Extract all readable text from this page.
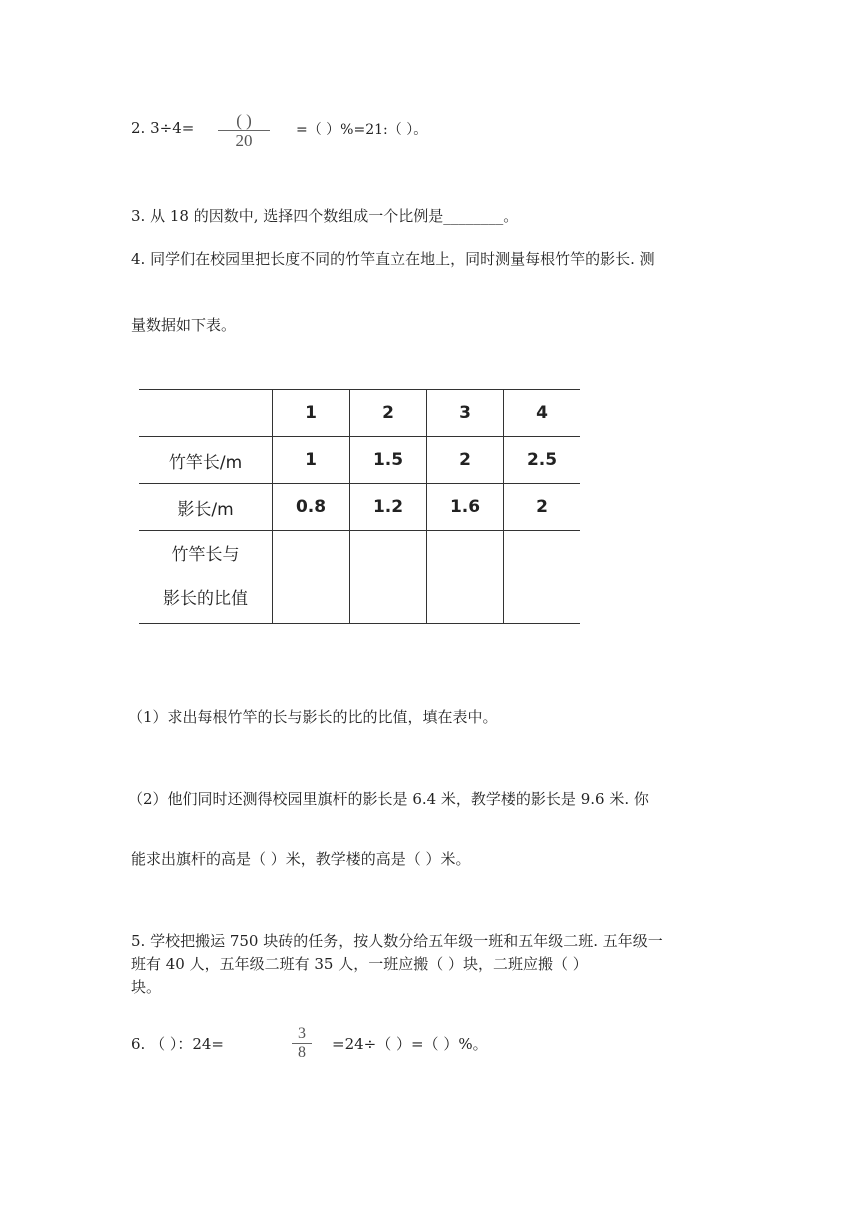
2. 3÷4=	( )
20
=（ ）%=21:（ ）。
3. 从 18 的因数中, 选择四个数组成一个比例是________。
4. 同学们在校园里把长度不同的竹竿直立在地上，同时测量每根竹竿的影长. 测
量数据如下表。
	1	2	3	4
竹竿长/m	1	1.5	2	2.5
影长/m	0.8	1.2	1.6	2

竹竿长与
影长的比值				

（1）求出每根竹竿的长与影长的比的比值，填在表中。
（2）他们同时还测得校园里旗杆的影长是 6.4 米，教学楼的影长是 9.6 米. 你
能求出旗杆的高是（ ）米，教学楼的高是（ ）米。
5. 学校把搬运 750 块砖的任务，按人数分给五年级一班和五年级二班. 五年级一
班有 40 人，五年级二班有 35 人，一班应搬（ ）块，二班应搬（ ）
块。
6. （ ）：24=	$\frac{3}{8} =24\div$（ ）=（ ）%。
